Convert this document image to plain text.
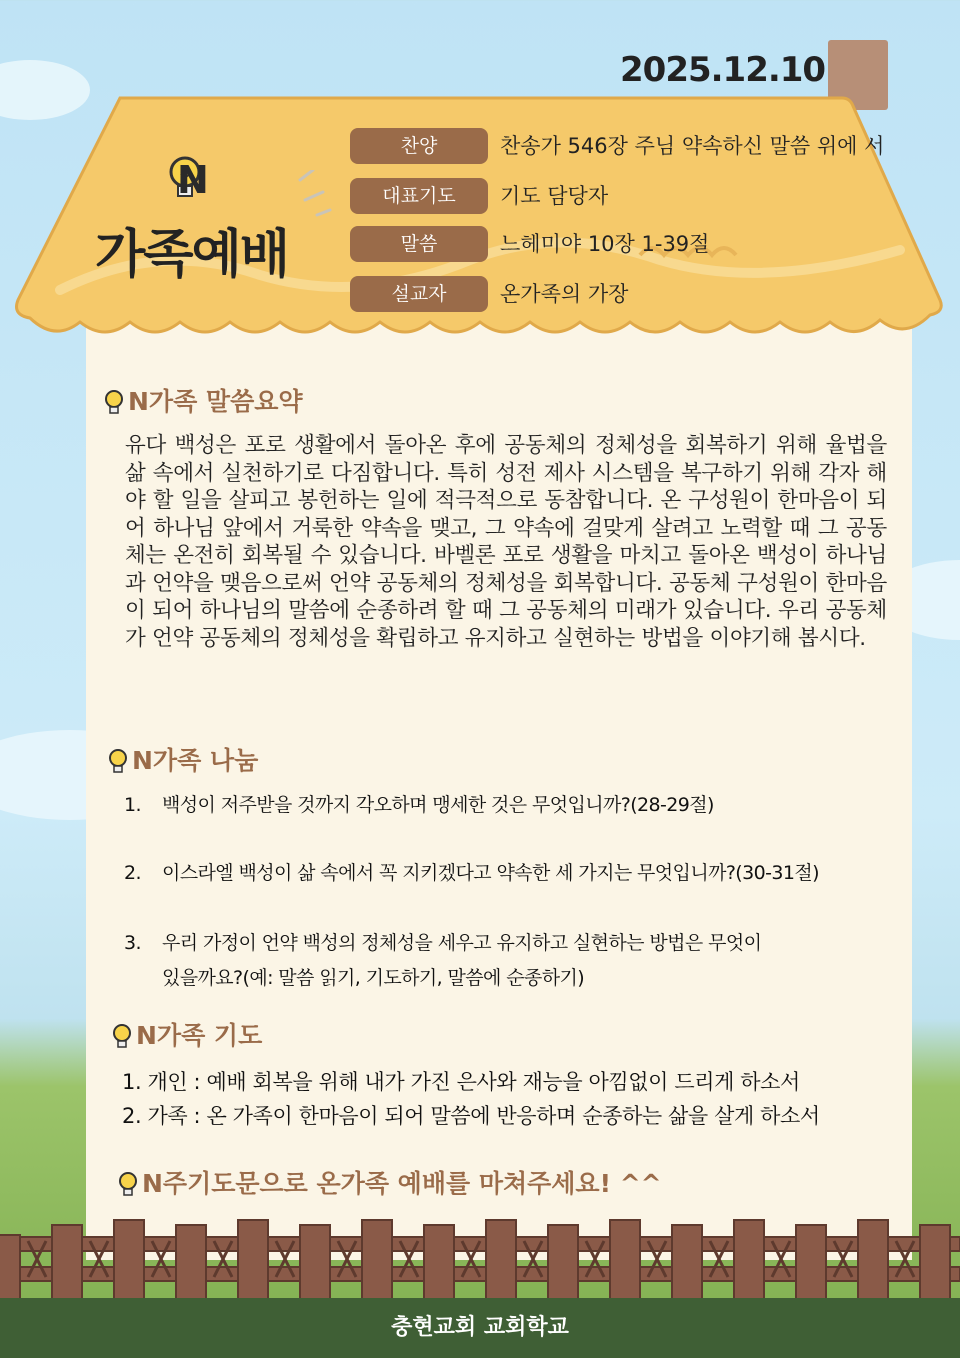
2025.12.10
N
가족예배
찬양	찬송가 546장 주님 약속하신 말씀 위에 서
대표기도	기도 담당자
말씀	느헤미야 10장 1-39절
설교자	온가족의 가장
N가족 말씀요약
유다 백성은 포로 생활에서 돌아온 후에 공동체의 정체성을 회복하기 위해 율법을 삶 속에서 실천하기로 다짐합니다. 특히 성전 제사 시스템을 복구하기 위해 각자 해야 할 일을 살피고 봉헌하는 일에 적극적으로 동참합니다. 온 구성원이 한마음이 되어 하나님 앞에서 거룩한 약속을 맺고, 그 약속에 걸맞게 살려고 노력할 때 그 공동체는 온전히 회복될 수 있습니다. 바벨론 포로 생활을 마치고 돌아온 백성이 하나님과 언약을 맺음으로써 언약 공동체의 정체성을 회복합니다. 공동체 구성원이 한마음이 되어 하나님의 말씀에 순종하려 할 때 그 공동체의 미래가 있습니다. 우리 공동체가 언약 공동체의 정체성을 확립하고 유지하고 실현하는 방법을 이야기해 봅시다.
N가족 나눔
1. 백성이 저주받을 것까지 각오하며 맹세한 것은 무엇입니까?(28-29절)
2. 이스라엘 백성이 삶 속에서 꼭 지키겠다고 약속한 세 가지는 무엇입니까?(30-31절)
3. 우리 가정이 언약 백성의 정체성을 세우고 유지하고 실현하는 방법은 무엇이
있을까요?(예: 말씀 읽기, 기도하기, 말씀에 순종하기)
N가족 기도
1. 개인 : 예배 회복을 위해 내가 가진 은사와 재능을 아낌없이 드리게 하소서
2. 가족 : 온 가족이 한마음이 되어 말씀에 반응하며 순종하는 삶을 살게 하소서
N주기도문으로 온가족 예배를 마쳐주세요! ^^
충현교회 교회학교
